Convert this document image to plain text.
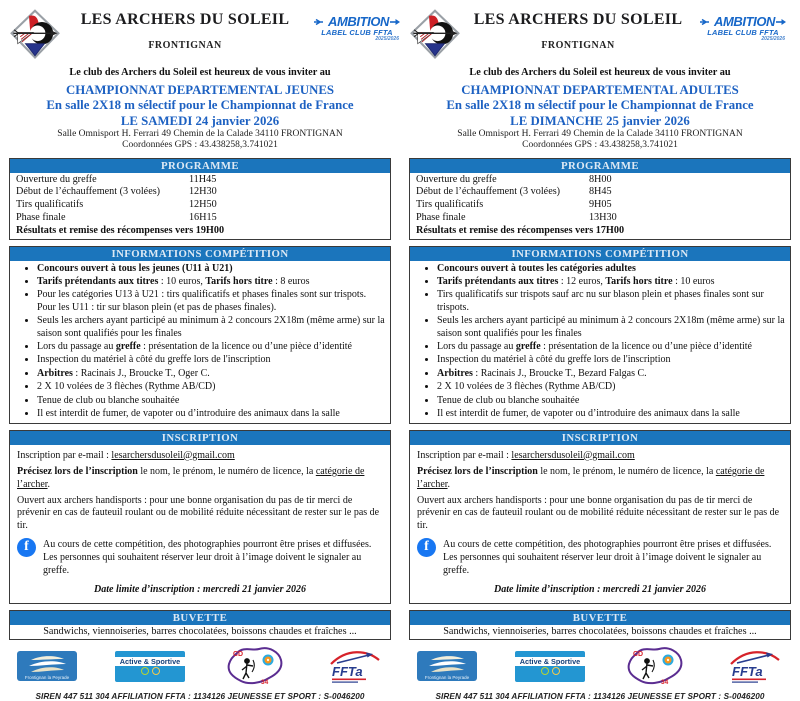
LES ARCHERS DU SOLEIL
FRONTIGNAN
AMBITION
LABEL CLUB FFTA
2025/2026
Le club des Archers du Soleil est heureux de vous inviter au
CHAMPIONNAT DEPARTEMENTAL JEUNES
En salle 2X18 m sélectif pour le Championnat de France
LE SAMEDI 24 janvier 2026
Salle Omnisport H. Ferrari 49 Chemin de la Calade 34110 FRONTIGNAN
Coordonnées GPS : 43.438258,3.741021
PROGRAMME
Ouverture du greffe	11H45
Début de l’échauffement (3 volées)	12H30
Tirs qualificatifs	12H50
Phase finale	16H15
Résultats et remise des récompenses vers 19H00
INFORMATIONS COMPÉTITION
• Concours ouvert à tous les jeunes (U11 à U21)
• Tarifs prétendants aux titres : 10 euros, Tarifs hors titre : 8 euros
• Pour les catégories U13 à U21 : tirs qualificatifs et phases finales sont sur trispots. Pour les U11 : tir sur blason plein (et pas de phases finales).
• Seuls les archers ayant participé au minimum à 2 concours 2X18m (même arme) sur la saison sont qualifiés pour les finales
• Lors du passage au greffe : présentation de la licence ou d’une pièce d’identité
• Inspection du matériel à côté du greffe lors de l'inscription
• Arbitres : Racinais J., Broucke T., Oger C.
• 2 X 10 volées de 3 flèches (Rythme AB/CD)
• Tenue de club ou blanche souhaitée
• Il est interdit de fumer, de vapoter ou d’introduire des animaux dans la salle
INSCRIPTION

Inscription par e-mail : lesarchersdusoleil@gmail.com

Précisez lors de l’inscription le nom, le prénom, le numéro de licence, la catégorie de l’archer.

Ouvert aux archers handisports : pour une bonne organisation du pas de tir merci de prévenir en cas de fauteuil roulant ou de mobilité réduite nécessitant de rester sur le pas de tir.

f

Au cours de cette compétition, des photographies pourront être prises et diffusées. Les personnes qui souhaitent réserver leur droit à l’image doivent le signaler au greffe.

Date limite d’inscription : mercredi 21 janvier 2026

BUVETTE
Sandwichs, viennoiseries, barres chocolatées, boissons chaudes et fraîches ...
Frontignan la Peyrade
Active & Sportive
CD
34
FFTa
SIREN 447 511 304 AFFILIATION FFTA : 1134126 JEUNESSE ET SPORT : S-0046200
LES ARCHERS DU SOLEIL
FRONTIGNAN
AMBITION
LABEL CLUB FFTA
2025/2026
Le club des Archers du Soleil est heureux de vous inviter au
CHAMPIONNAT DEPARTEMENTAL ADULTES
En salle 2X18 m sélectif pour le Championnat de France
LE DIMANCHE 25 janvier 2026
Salle Omnisport H. Ferrari 49 Chemin de la Calade 34110 FRONTIGNAN
Coordonnées GPS : 43.438258,3.741021
PROGRAMME
Ouverture du greffe	8H00
Début de l’échauffement (3 volées)	8H45
Tirs qualificatifs	9H05
Phase finale	13H30
Résultats et remise des récompenses vers 17H00
INFORMATIONS COMPÉTITION
• Concours ouvert à toutes les catégories adultes
• Tarifs prétendants aux titres : 12 euros, Tarifs hors titre : 10 euros
• Tirs qualificatifs sur trispots sauf arc nu sur blason plein et phases finales sont sur trispots.
• Seuls les archers ayant participé au minimum à 2 concours 2X18m (même arme) sur la saison sont qualifiés pour les finales
• Lors du passage au greffe : présentation de la licence ou d’une pièce d’identité
• Inspection du matériel à côté du greffe lors de l'inscription
• Arbitres : Racinais J., Broucke T., Bezard Falgas C.
• 2 X 10 volées de 3 flèches (Rythme AB/CD)
• Tenue de club ou blanche souhaitée
• Il est interdit de fumer, de vapoter ou d’introduire des animaux dans la salle
INSCRIPTION

Inscription par e-mail : lesarchersdusoleil@gmail.com

Précisez lors de l’inscription le nom, le prénom, le numéro de licence, la catégorie de l’archer.

Ouvert aux archers handisports : pour une bonne organisation du pas de tir merci de prévenir en cas de fauteuil roulant ou de mobilité réduite nécessitant de rester sur le pas de tir.

f

Au cours de cette compétition, des photographies pourront être prises et diffusées. Les personnes qui souhaitent réserver leur droit à l’image doivent le signaler au greffe.

Date limite d’inscription : mercredi 21 janvier 2026

BUVETTE
Sandwichs, viennoiseries, barres chocolatées, boissons chaudes et fraîches ...
Frontignan la Peyrade
Active & Sportive
CD
34
FFTa
SIREN 447 511 304 AFFILIATION FFTA : 1134126 JEUNESSE ET SPORT : S-0046200
